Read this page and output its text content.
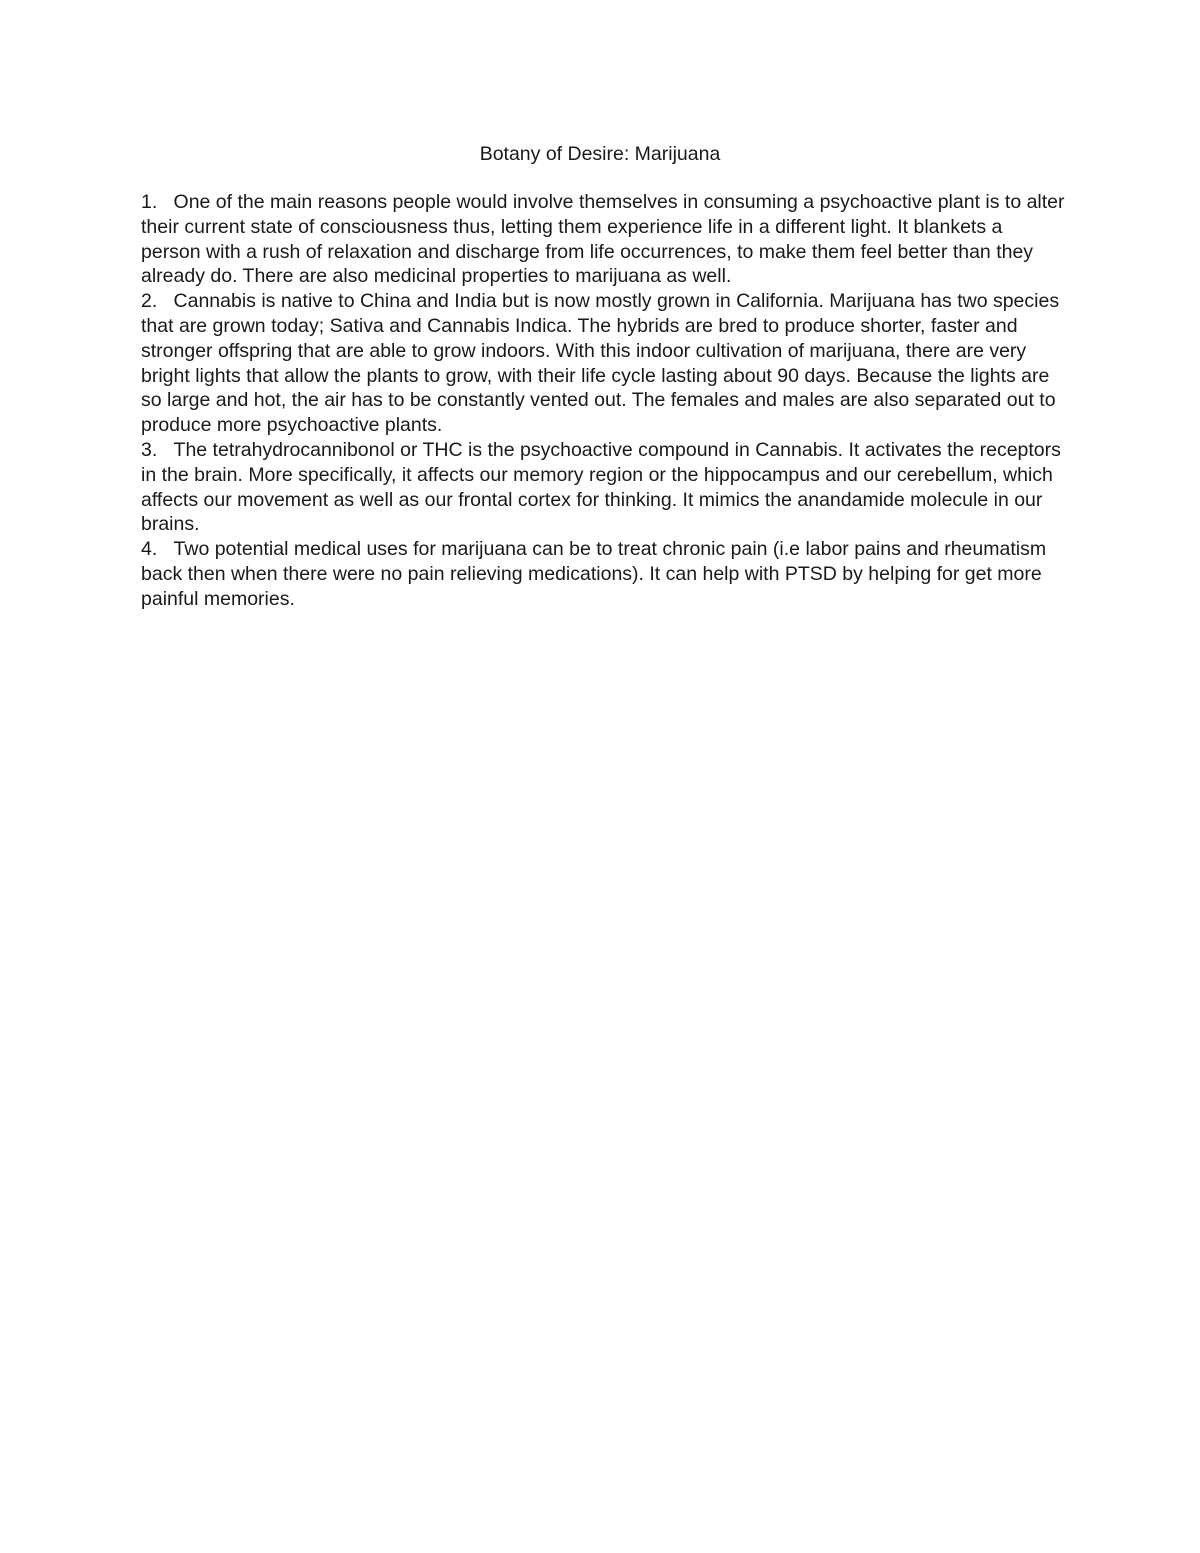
Botany of Desire: Marijuana
1 . One of the main reasons people would involve themselves in consuming a psychoactive plant is to alter their current state of consciousness thus, letting them experience life in a different light. It blankets a person with a rush of relaxation and discharge from life occurrences, to make them feel better than they already do. There are also medicinal properties to marijuana as well.
2 . Cannabis is native to China and India but is now mostly grown in California. Marijuana has two species that are grown today; Sativa and Cannabis Indica. The hybrids are bred to produce shorter, faster and stronger offspring that are able to grow indoors. With this indoor cultivation of marijuana, there are very bright lights that allow the plants to grow, with their life cycle lasting about 90 days. Because the lights are so large and hot, the air has to be constantly vented out. The females and males are also separated out to produce more psychoactive plants.
3 . The tetrahydrocannibonol or THC is the psychoactive compound in Cannabis. It activates the receptors in the brain. More specifically, it affects our memory region or the hippocampus and our cerebellum, which affects our movement as well as our frontal cortex for thinking. It mimics the anandamide molecule in our brains.
4 . Two potential medical uses for marijuana can be to treat chronic pain (i.e labor pains and rheumatism back then when there were no pain relieving medications). It can help with PTSD by helping for get more painful memories.
